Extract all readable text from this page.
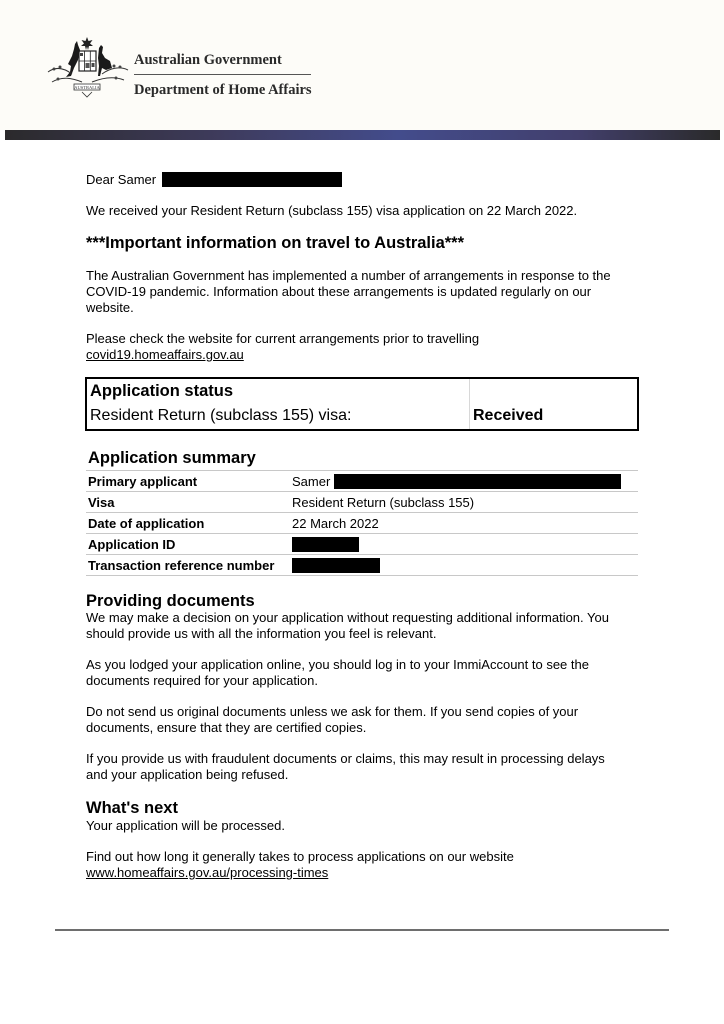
AUSTRALIA
Australian Government
Department of Home Affairs
Dear Samer
We received your Resident Return (subclass 155) visa application on 22 March 2022.
***Important information on travel to Australia***
The Australian Government has implemented a number of arrangements in response to the
COVID-19 pandemic. Information about these arrangements is updated regularly on our
website.
Please check the website for current arrangements prior to travelling
covid19.homeaffairs.gov.au
Application status
Resident Return (subclass 155) visa:	Received
Application summary
Primary applicant	Samer
Visa	Resident Return (subclass 155)
Date of application	22 March 2022
Application ID	
Transaction reference number	
Providing documents
We may make a decision on your application without requesting additional information. You
should provide us with all the information you feel is relevant.
As you lodged your application online, you should log in to your ImmiAccount to see the
documents required for your application.
Do not send us original documents unless we ask for them. If you send copies of your
documents, ensure that they are certified copies.
If you provide us with fraudulent documents or claims, this may result in processing delays
and your application being refused.
What's next
Your application will be processed.
Find out how long it generally takes to process applications on our website
www.homeaffairs.gov.au/processing-times
